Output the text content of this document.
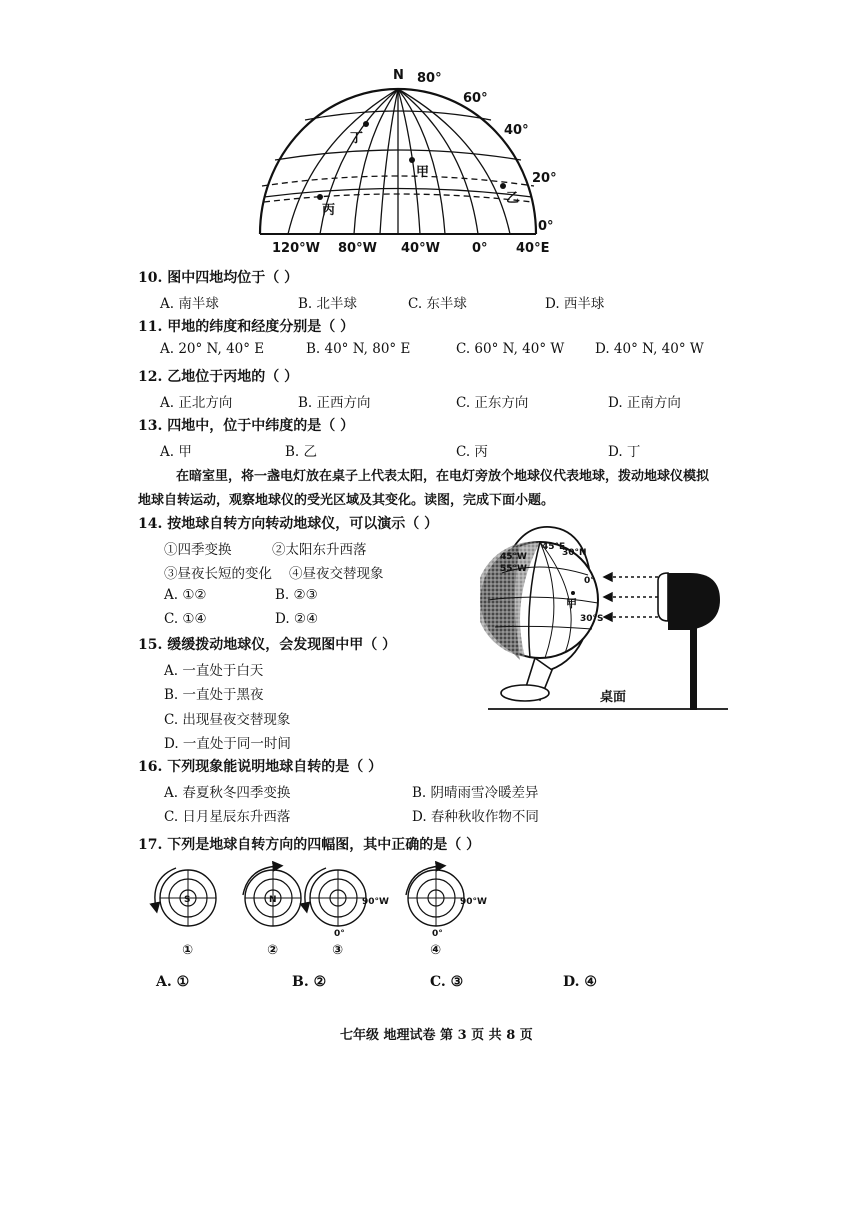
N 80°
60°
40°
20°
0°
丁
甲
乙
丙
120°W 80°W 40°W 0° 40°E
10. 图中四地均位于（ ）
A. 南半球	B. 北半球	C. 东半球	D. 西半球
11. 甲地的纬度和经度分别是（ ）
A. 20° N, 40° E	B. 40° N, 80° E	C. 60° N, 40° W D. 40° N, 40° W
12. 乙地位于丙地的（ ）
A. 正北方向	B. 正西方向	C. 正东方向	D. 正南方向
13. 四地中，位于中纬度的是（ ）
A. 甲	B. 乙	C. 丙	D. 丁
在暗室里，将一盏电灯放在桌子上代表太阳，在电灯旁放个地球仪代表地球，拨动地球仪模拟
地球自转运动，观察地球仪的受光区域及其变化。读图，完成下面小题。
14. 按地球自转方向转动地球仪，可以演示（ ）
①四季变换	②太阳东升西落
③昼夜长短的变化 ④昼夜交替现象
A. ①②	B. ②③
C. ①④	D. ②④
45°E
30°N
45°W
55°W
0°
甲
30°S
桌面
15. 缓缓拨动地球仪，会发现图中甲（ ）
A. 一直处于白天
B. 一直处于黑夜
C. 出现昼夜交替现象
D. 一直处于同一时间
16. 下列现象能说明地球自转的是（ ）
A. 春夏秋冬四季变换	B. 阴晴雨雪冷暖差异
C. 日月星辰东升西落	D. 春种秋收作物不同
17. 下列是地球自转方向的四幅图，其中正确的是（ ）
S
①
N
②
90°W
0°
③
90°W
0°
④
A. ①	B. ②	C. ③	D. ④
七年级 地理试卷 第 3 页 共 8 页
